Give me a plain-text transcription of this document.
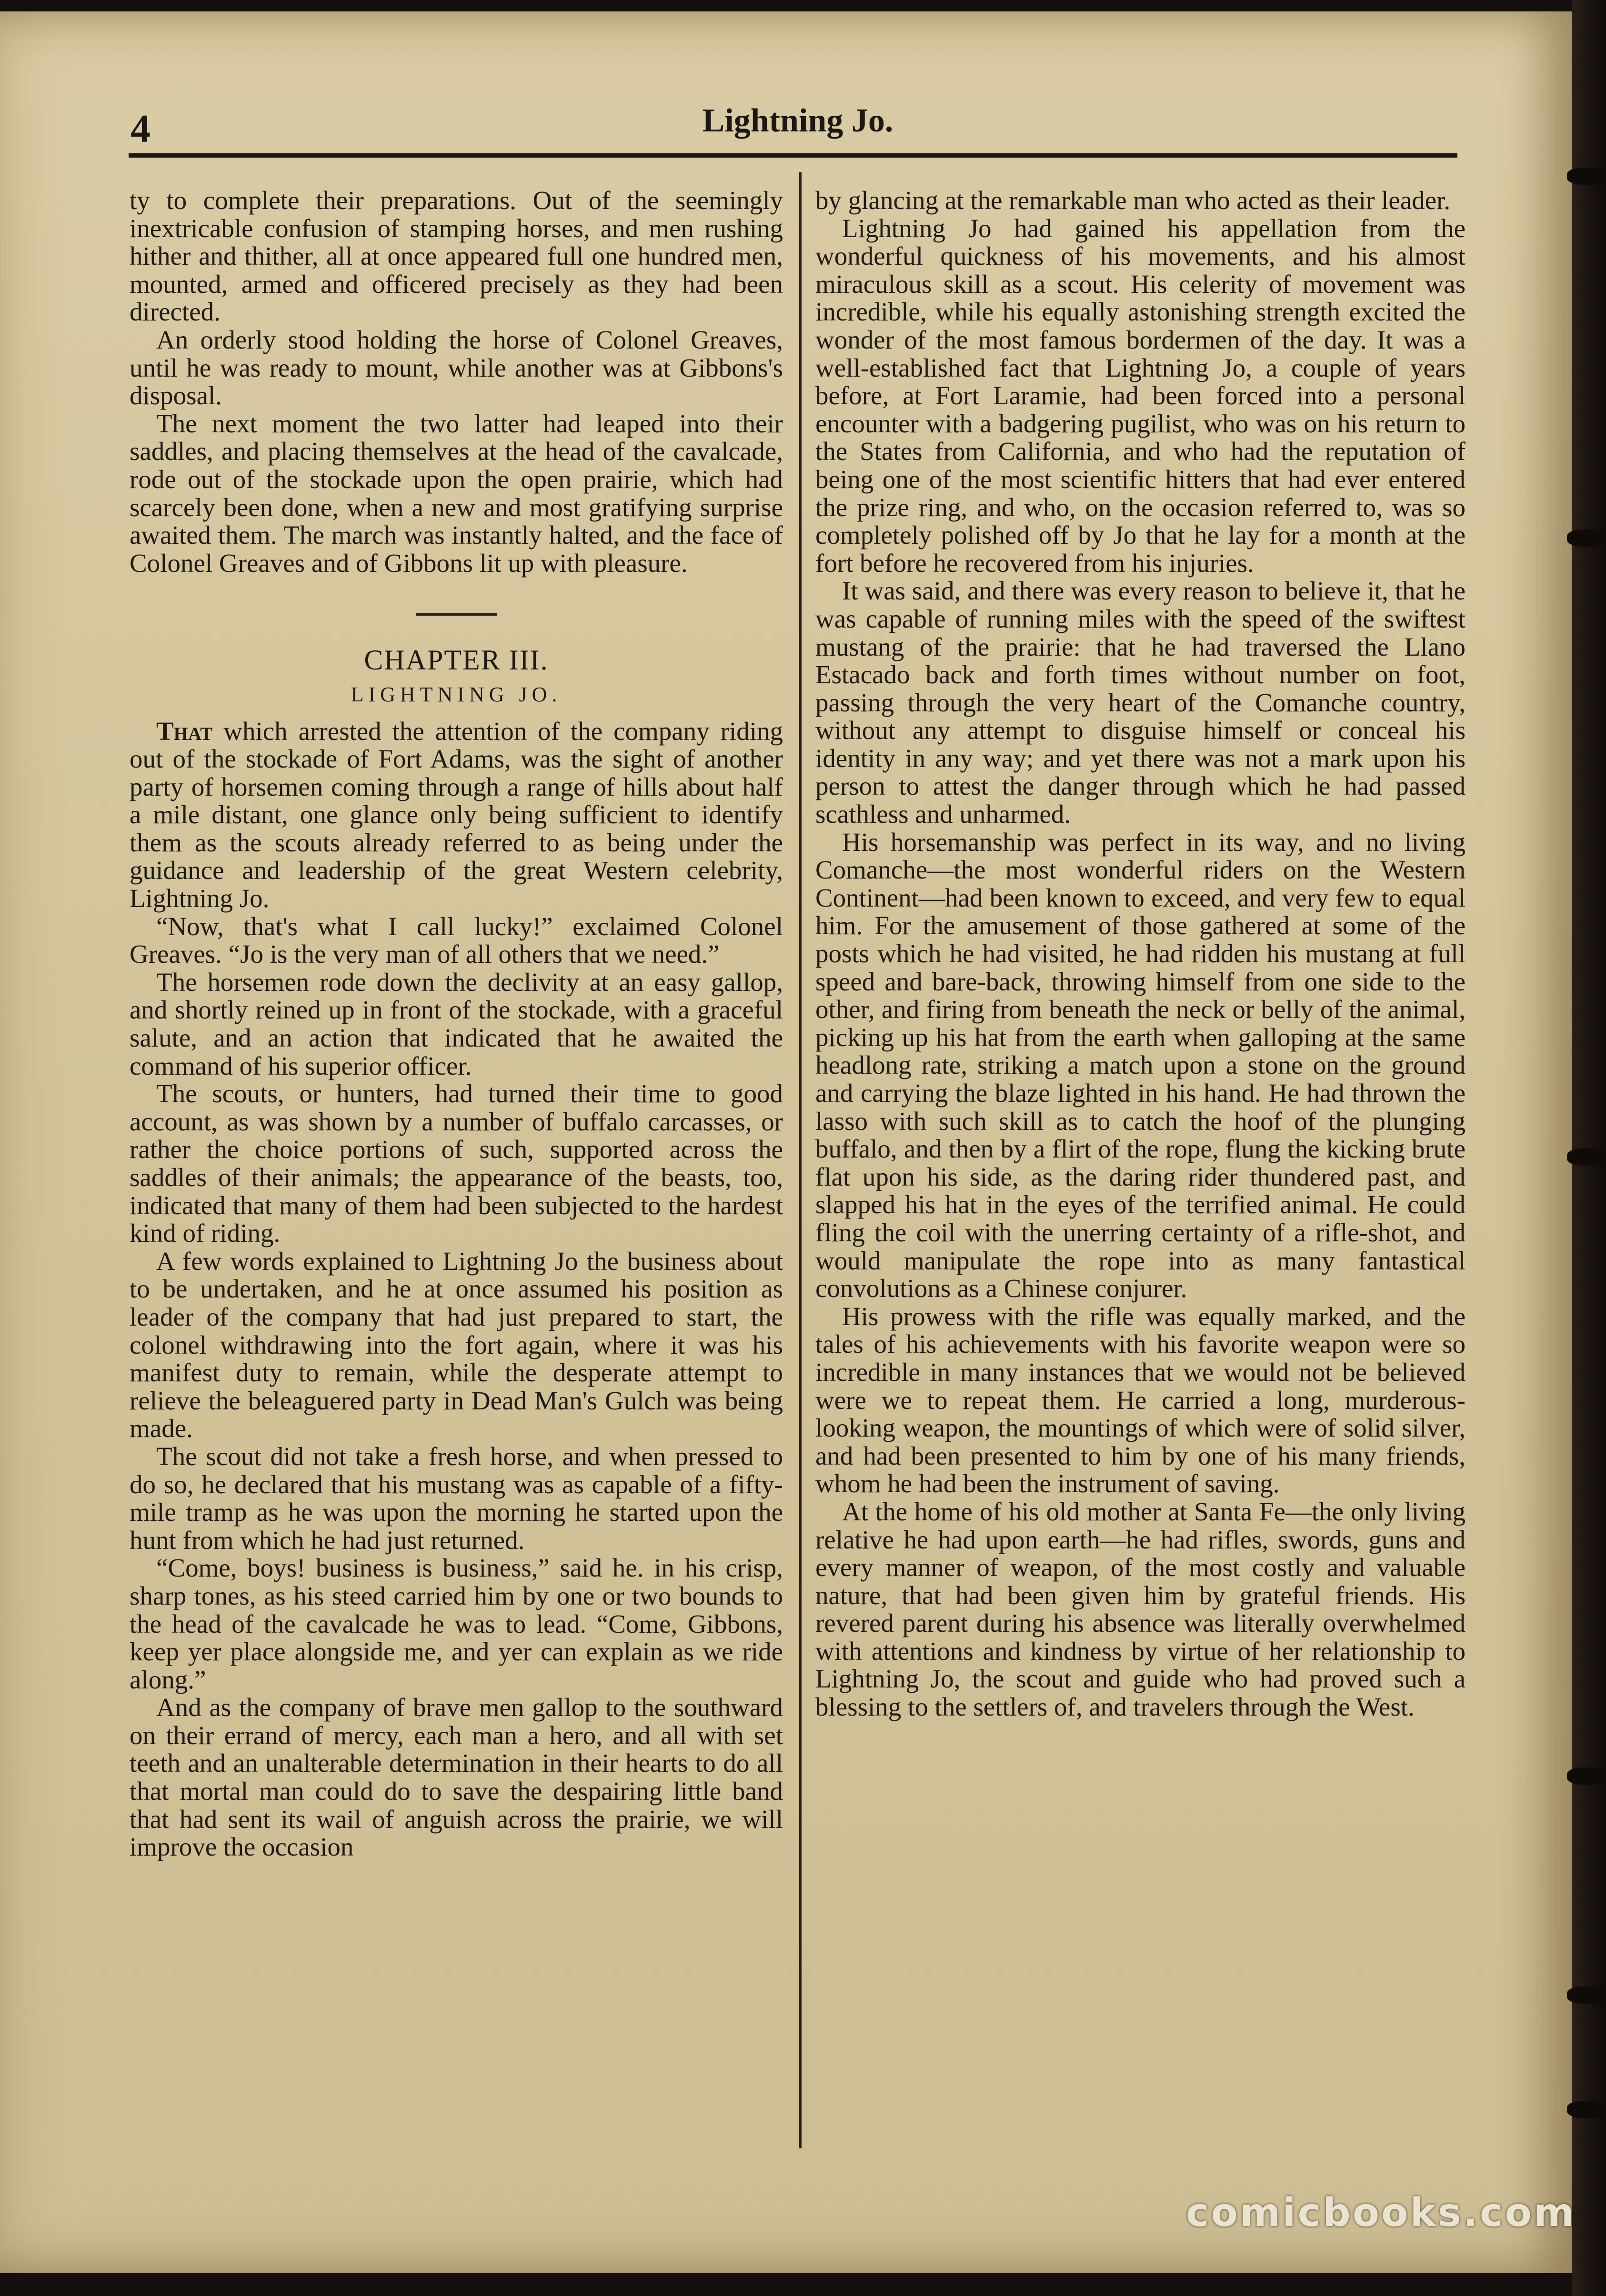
4	Lightning Jo.

ty to complete their preparations. Out of the seemingly inextricable confusion of stamping horses, and men rushing hither and thither, all at once appeared full one hundred men, mounted, armed and officered precisely as they had been directed.

An orderly stood holding the horse of Colonel Greaves, until he was ready to mount, while another was at Gibbons's disposal.

The next moment the two latter had leaped into their saddles, and placing themselves at the head of the cavalcade, rode out of the stockade upon the open prairie, which had scarcely been done, when a new and most gratifying surprise awaited them. The march was instantly halted, and the face of Colonel Greaves and of Gibbons lit up with pleasure.

CHAPTER III.
LIGHTNING JO.

That which arrested the attention of the company riding out of the stockade of Fort Adams, was the sight of another party of horsemen coming through a range of hills about half a mile distant, one glance only being sufficient to identify them as the scouts already referred to as being under the guidance and leadership of the great Western celebrity, Lightning Jo.

“Now, that's what I call lucky!” exclaimed Colonel Greaves. “Jo is the very man of all others that we need.”

The horsemen rode down the declivity at an easy gallop, and shortly reined up in front of the stockade, with a graceful salute, and an action that indicated that he awaited the command of his superior officer.

The scouts, or hunters, had turned their time to good account, as was shown by a number of buffalo carcasses, or rather the choice portions of such, supported across the saddles of their animals; the appearance of the beasts, too, indicated that many of them had been subjected to the hardest kind of riding.

A few words explained to Lightning Jo the business about to be undertaken, and he at once assumed his position as leader of the company that had just prepared to start, the colonel withdrawing into the fort again, where it was his manifest duty to remain, while the desperate attempt to relieve the beleaguered party in Dead Man's Gulch was being made.

The scout did not take a fresh horse, and when pressed to do so, he declared that his mustang was as capable of a fifty-mile tramp as he was upon the morning he started upon the hunt from which he had just returned.

“Come, boys! business is business,” said he. in his crisp, sharp tones, as his steed carried him by one or two bounds to the head of the cavalcade he was to lead. “Come, Gibbons, keep yer place alongside me, and yer can explain as we ride along.”

And as the company of brave men gallop to the southward on their errand of mercy, each man a hero, and all with set teeth and an unalterable determination in their hearts to do all that mortal man could do to save the despairing little band that had sent its wail of anguish across the prairie, we will improve the occasion

by glancing at the remarkable man who acted as their leader.

Lightning Jo had gained his appellation from the wonderful quickness of his movements, and his almost miraculous skill as a scout. His celerity of movement was incredible, while his equally astonishing strength excited the wonder of the most famous bordermen of the day. It was a well-established fact that Lightning Jo, a couple of years before, at Fort Laramie, had been forced into a personal encounter with a badgering pugilist, who was on his return to the States from California, and who had the reputation of being one of the most scientific hitters that had ever entered the prize ring, and who, on the occasion referred to, was so completely polished off by Jo that he lay for a month at the fort before he recovered from his injuries.

It was said, and there was every reason to believe it, that he was capable of running miles with the speed of the swiftest mustang of the prairie: that he had traversed the Llano Estacado back and forth times without number on foot, passing through the very heart of the Comanche country, without any attempt to disguise himself or conceal his identity in any way; and yet there was not a mark upon his person to attest the danger through which he had passed scathless and unharmed.

His horsemanship was perfect in its way, and no living Comanche—the most wonderful riders on the Western Continent—had been known to exceed, and very few to equal him. For the amusement of those gathered at some of the posts which he had visited, he had ridden his mustang at full speed and bare-back, throwing himself from one side to the other, and firing from beneath the neck or belly of the animal, picking up his hat from the earth when galloping at the same headlong rate, striking a match upon a stone on the ground and carrying the blaze lighted in his hand. He had thrown the lasso with such skill as to catch the hoof of the plunging buffalo, and then by a flirt of the rope, flung the kicking brute flat upon his side, as the daring rider thundered past, and slapped his hat in the eyes of the terrified animal. He could fling the coil with the unerring certainty of a rifle-shot, and would manipulate the rope into as many fantastical convolutions as a Chinese conjurer.

His prowess with the rifle was equally marked, and the tales of his achievements with his favorite weapon were so incredible in many instances that we would not be believed were we to repeat them. He carried a long, murderous-looking weapon, the mountings of which were of solid silver, and had been presented to him by one of his many friends, whom he had been the instrument of saving.

At the home of his old mother at Santa Fe—the only living relative he had upon earth—he had rifles, swords, guns and every manner of weapon, of the most costly and valuable nature, that had been given him by grateful friends. His revered parent during his absence was literally overwhelmed with attentions and kindness by virtue of her relationship to Lightning Jo, the scout and guide who had proved such a blessing to the settlers of, and travelers through the West.

comicbooks.com
